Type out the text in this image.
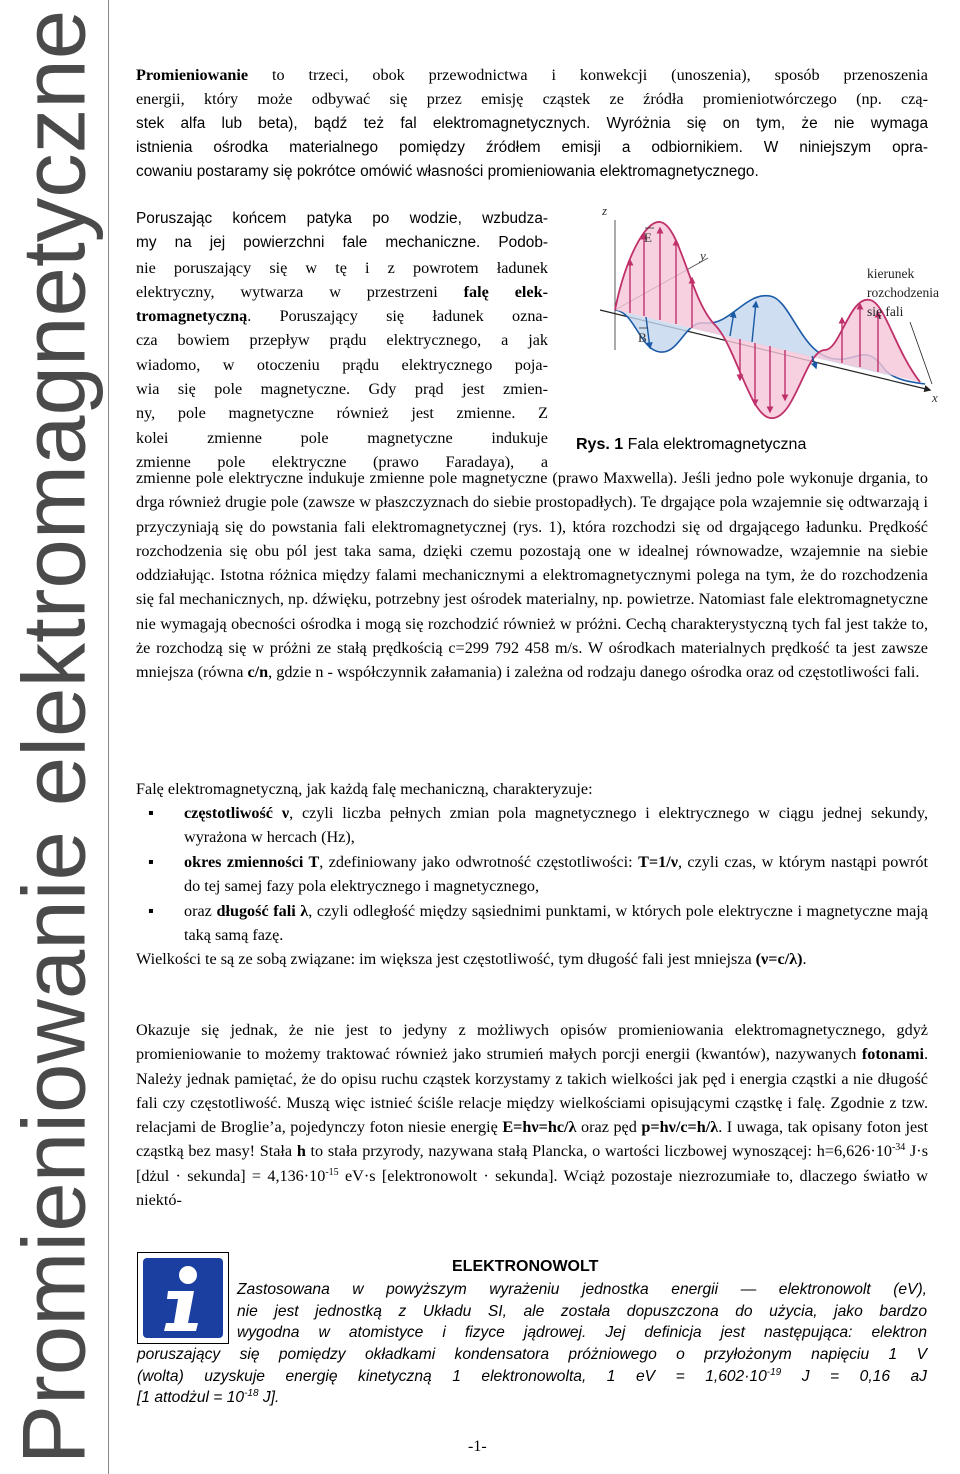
Promieniowanie elektromagnetyczne Promieniowanie to trzeci, obok przewodnictwa i konwekcji (unoszenia), sposób przenoszenia
energii, który może odbywać się przez emisję cząstek ze źródła promieniotwórczego (np. czą-
stek alfa lub beta), bądź też fal elektromagnetycznych. Wyróżnia się on tym, że nie wymaga
istnienia ośrodka materialnego pomiędzy źródłem emisji a odbiornikiem. W niniejszym opra-
cowaniu postaramy się pokrótce omówić własności promieniowania elektromagnetycznego.
Poruszając końcem patyka po wodzie, wzbudza-
my na jej powierzchni fale mechaniczne. Podob-
nie poruszający się w tę i z powrotem ładunek
elektryczny, wytwarza w przestrzeni falę elek-
tromagnetyczną. Poruszający się ładunek ozna-
cza bowiem przepływ prądu elektrycznego, a jak
wiadomo, w otoczeniu prądu elektrycznego poja-
wia się pole magnetyczne. Gdy prąd jest zmien-
ny, pole magnetyczne również jest zmienne. Z
kolei zmienne pole magnetyczne indukuje
zmienne pole elektryczne (prawo Faradaya), a
z
y
x
E
B
kierunek
rozchodzenia
się fali
Rys. 1 Fala elektromagnetyczna
zmienne pole elektryczne indukuje zmienne pole magnetyczne (prawo Maxwella). Jeśli jedno pole wykonuje drgania, to drga również drugie pole (zawsze w płaszczyznach do siebie prostopadłych). Te drgające pola wzajemnie się odtwarzają i przyczyniają się do powstania fali elektromagnetycznej (rys. 1), która rozchodzi się od drgającego ładunku. Prędkość rozchodzenia się obu pól jest taka sama, dzięki czemu pozostają one w idealnej równowadze, wzajemnie na siebie oddziałując. Istotna różnica między falami mechanicznymi a elektromagnetycznymi polega na tym, że do rozchodzenia się fal mechanicznych, np. dźwięku, potrzebny jest ośrodek materialny, np. powietrze. Natomiast fale elektromagnetyczne nie wymagają obecności ośrodka i mogą się rozchodzić również w próżni. Cechą charakterystyczną tych fal jest także to, że rozchodzą się w próżni ze stałą prędkością c=299 792 458 m/s. W ośrodkach materialnych prędkość ta jest zawsze mniejsza (równa c/n, gdzie n - współczynnik załamania) i zależna od rodzaju danego ośrodka oraz od częstotliwości fali.
Falę elektromagnetyczną, jak każdą falę mechaniczną, charakteryzuje:
▪ częstotliwość ν, czyli liczba pełnych zmian pola magnetycznego i elektrycznego w ciągu jednej sekundy, wyrażona w hercach (Hz),
▪ okres zmienności T, zdefiniowany jako odwrotność częstotliwości: T=1/ν, czyli czas, w którym nastąpi powrót do tej samej fazy pola elektrycznego i magnetycznego,
▪ oraz długość fali λ, czyli odległość między sąsiednimi punktami, w których pole elektryczne i magnetyczne mają taką samą fazę.
Wielkości te są ze sobą związane: im większa jest częstotliwość, tym długość fali jest mniejsza (ν=c/λ).
Okazuje się jednak, że nie jest to jedyny z możliwych opisów promieniowania elektromagnetycznego, gdyż promieniowanie to możemy traktować również jako strumień małych porcji energii (kwantów), nazywanych fotonami. Należy jednak pamiętać, że do opisu ruchu cząstek korzystamy z takich wielkości jak pęd i energia cząstki a nie długość fali czy częstotliwość. Muszą więc istnieć ściśle relacje między wielkościami opisującymi cząstkę i falę. Zgodnie z tzw. relacjami de Broglie’a, pojedynczy foton niesie energię E=hν=hc/λ oraz pęd p=hν/c=h/λ. I uwaga, tak opisany foton jest cząstką bez masy! Stała h to stała przyrody, nazywana stałą Plancka, o wartości liczbowej wynoszącej: $h=6,626\cdot 10^{-34}$ J·s [dżul · sekunda] = $4,136\cdot 10^{-15}$ eV·s [elektronowolt · sekunda]. Wciąż pozostaje niezrozumiałe to, dlaczego światło w niektó-
ELEKTRONOWOLT
Zastosowana w powyższym wyrażeniu jednostka energii — elektronowolt (eV),
nie jest jednostką z Układu SI, ale została dopuszczona do użycia, jako bardzo
wygodna w atomistyce i fizyce jądrowej. Jej definicja jest następująca: elektron
poruszający się pomiędzy okładkami kondensatora próżniowego o przyłożonym napięciu 1 V
(wolta) uzyskuje energię kinetyczną 1 elektronowolta, 1 eV = $1,602\cdot 10^{-19}$ J = 0,16 aJ
[1 attodżul = $10^{-18}$ J].
-1-
